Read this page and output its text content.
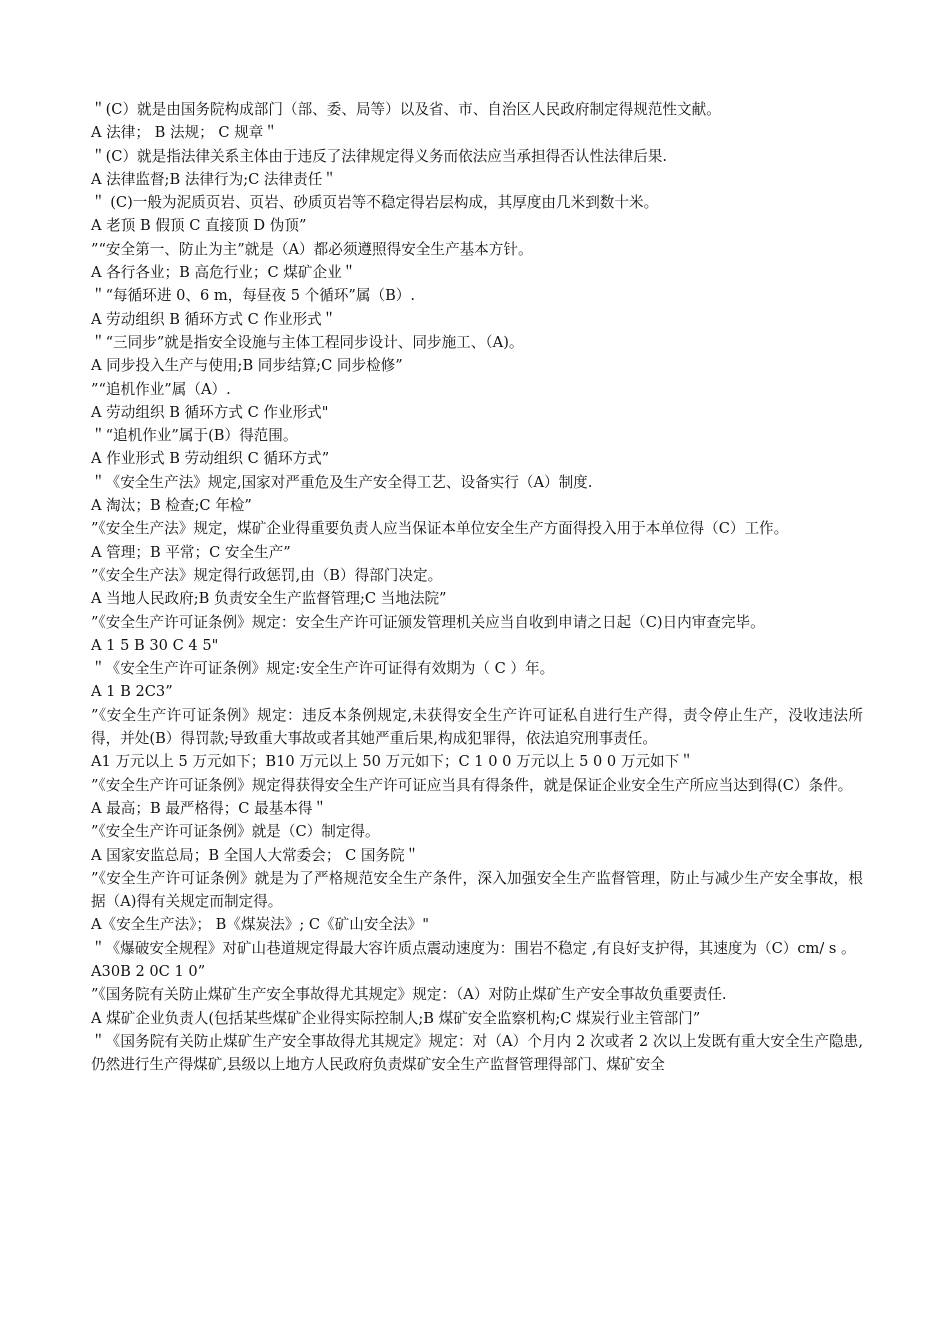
＂(C）就是由国务院构成部门（部、委、局等）以及省、市、自治区人民政府制定得规范性文献。
A 法律； B 法规； C 规章＂
＂(C）就是指法律关系主体由于违反了法律规定得义务而依法应当承担得否认性法律后果.
A 法律监督;B 法律行为;C 法律责任＂
＂ (C)一般为泥质页岩、页岩、砂质页岩等不稳定得岩层构成，其厚度由几米到数十米。
A 老顶 B 假顶 C 直接顶 D 伪顶”
”“安全第一、防止为主”就是（A）都必须遵照得安全生产基本方针。
A 各行各业；B 高危行业；C 煤矿企业＂
＂“每循环进 0、6 m，每昼夜 5 个循环”属（B）.
A 劳动组织 B 循环方式 C 作业形式＂
＂“三同步”就是指安全设施与主体工程同步设计、同步施工、（A)。
A 同步投入生产与使用;B 同步结算;C 同步检修”
”“追机作业”属（A）.
A 劳动组织 B 循环方式 C 作业形式"
＂“追机作业”属于(B）得范围。
A 作业形式 B 劳动组织 C 循环方式”
＂《安全生产法》规定,国家对严重危及生产安全得工艺、设备实行（A）制度.
A 淘汰；B 检查;C 年检”
”《安全生产法》规定，煤矿企业得重要负责人应当保证本单位安全生产方面得投入用于本单位得（C）工作。
A 管理；B 平常；C 安全生产”
”《安全生产法》规定得行政惩罚,由（B）得部门决定。
A 当地人民政府;B 负责安全生产监督管理;C 当地法院”
”《安全生产许可证条例》规定：安全生产许可证颁发管理机关应当自收到申请之日起（C)日内审查完毕。
A 1 5 B 30 C 4 5"
＂《安全生产许可证条例》规定:安全生产许可证得有效期为（ C ）年。
A 1 B 2C3”
”《安全生产许可证条例》规定：违反本条例规定,未获得安全生产许可证私自进行生产得，责令停止生产，没收违法所得，并处(B）得罚款;导致重大事故或者其她严重后果,构成犯罪得，依法追究刑事责任。
A1 万元以上 5 万元如下；B10 万元以上 50 万元如下；C 1 0 0 万元以上 5 0 0 万元如下＂
”《安全生产许可证条例》规定得获得安全生产许可证应当具有得条件，就是保证企业安全生产所应当达到得(C）条件。
A 最高；B 最严格得；C 最基本得＂
”《安全生产许可证条例》就是（C）制定得。
A 国家安监总局；B 全国人大常委会； C 国务院＂
”《安全生产许可证条例》就是为了严格规范安全生产条件，深入加强安全生产监督管理，防止与减少生产安全事故，根据（A)得有关规定而制定得。
A《安全生产法》； B《煤炭法》; C《矿山安全法》"
＂《爆破安全规程》对矿山巷道规定得最大容许质点震动速度为：围岩不稳定 ,有良好支护得，其速度为（C）cm/ s 。
A30B 2 0C 1 0”
”《国务院有关防止煤矿生产安全事故得尤其规定》规定：（A）对防止煤矿生产安全事故负重要责任.
A 煤矿企业负责人(包括某些煤矿企业得实际控制人;B 煤矿安全监察机构;C 煤炭行业主管部门”
＂《国务院有关防止煤矿生产安全事故得尤其规定》规定：对（A）个月内 2 次或者 2 次以上发既有重大安全生产隐患,仍然进行生产得煤矿,县级以上地方人民政府负责煤矿安全生产监督管理得部门、煤矿安全
